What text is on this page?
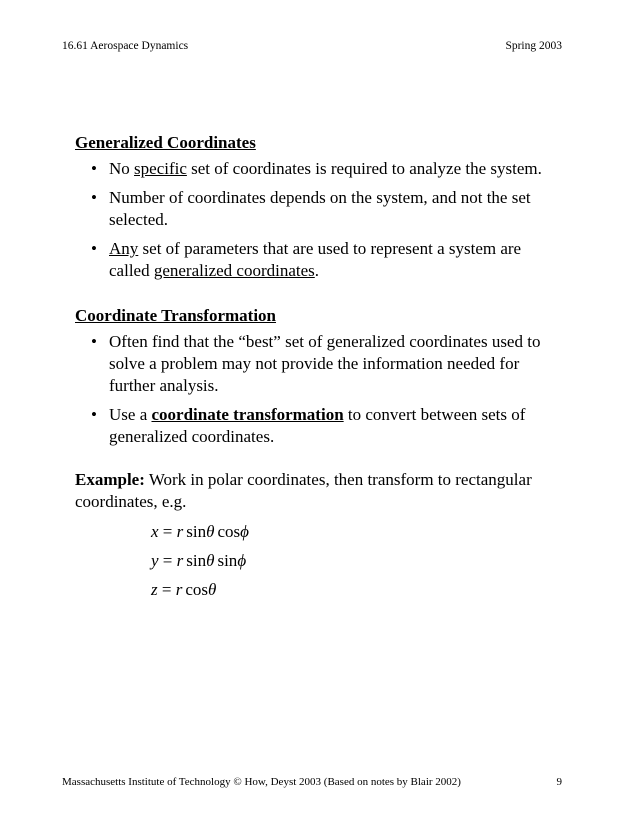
16.61 Aerospace Dynamics	Spring 2003

Generalized Coordinates

• No specific set of coordinates is required to analyze the system.
• Number of coordinates depends on the system, and not the set selected.
• Any set of parameters that are used to represent a system are called generalized coordinates.

Coordinate Transformation

• Often find that the “best” set of generalized coordinates used to solve a problem may not provide the information needed for further analysis.
• Use a coordinate transformation to convert between sets of generalized coordinates.

Example: Work in polar coordinates, then transform to rectangular coordinates, e.g.

x = r sinθ cosϕ
y = r sinθ sinϕ
z = r cosθ
Massachusetts Institute of Technology © How, Deyst 2003 (Based on notes by Blair 2002)	9
